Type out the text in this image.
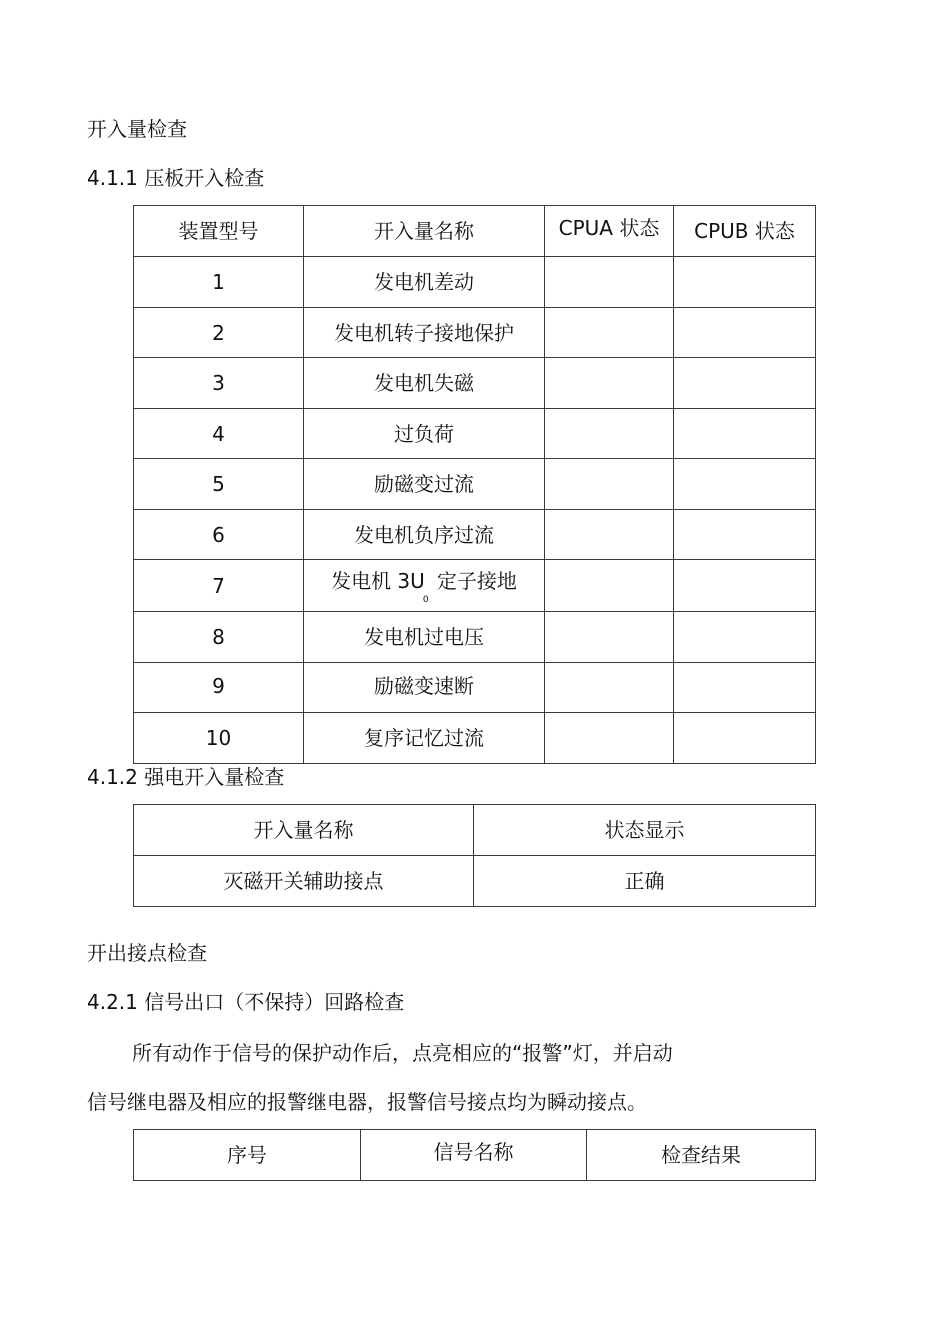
开入量检查
4.1.1 压板开入检查
装置型号	开入量名称	CPUA 状态	CPUB 状态
1	发电机差动		
2	发电机转子接地保护		
3	发电机失磁		
4	过负荷		
5	励磁变过流		
6	发电机负序过流		
7	发电机 $3U_0$ 定子接地		
8	发电机过电压		
9	励磁变速断		
10	复序记忆过流		
4.1.2 强电开入量检查
开入量名称	状态显示
灭磁开关辅助接点	正确
开出接点检查
4.2.1 信号出口（不保持）回路检查
所有动作于信号的保护动作后，点亮相应的“报警”灯，并启动
信号继电器及相应的报警继电器，报警信号接点均为瞬动接点。
序号	信号名称	检查结果
